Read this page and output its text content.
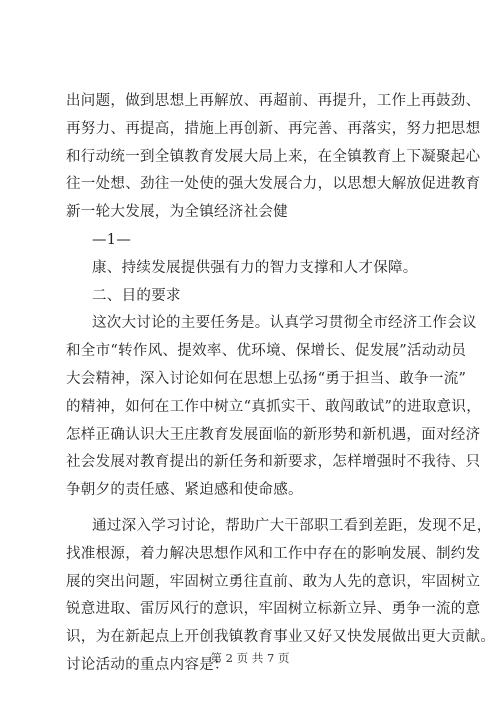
出问题，做到思想上再解放、再超前、再提升，工作上再鼓劲、
再努力、再提高，措施上再创新、再完善、再落实，努力把思想
和行动统一到全镇教育发展大局上来，在全镇教育上下凝聚起心
往一处想、劲往一处使的强大发展合力，以思想大解放促进教育
新一轮大发展，为全镇经济社会健
—1—
康、持续发展提供强有力的智力支撑和人才保障。
二、目的要求
这次大讨论的主要任务是。认真学习贯彻全市经济工作会议
和全市“转作风、提效率、优环境、保增长、促发展”活动动员
大会精神，深入讨论如何在思想上弘扬“勇于担当、敢争一流”
的精神，如何在工作中树立“真抓实干、敢闯敢试”的进取意识，
怎样正确认识大王庄教育发展面临的新形势和新机遇，面对经济
社会发展对教育提出的新任务和新要求，怎样增强时不我待、只
争朝夕的责任感、紧迫感和使命感。
通过深入学习讨论，帮助广大干部职工看到差距，发现不足，
找准根源，着力解决思想作风和工作中存在的影响发展、制约发
展的突出问题，牢固树立勇往直前、敢为人先的意识，牢固树立
锐意进取、雷厉风行的意识，牢固树立标新立异、勇争一流的意
识，为在新起点上开创我镇教育事业又好又快发展做出更大贡献。
讨论活动的重点内容是：
第 2 页 共 7 页
